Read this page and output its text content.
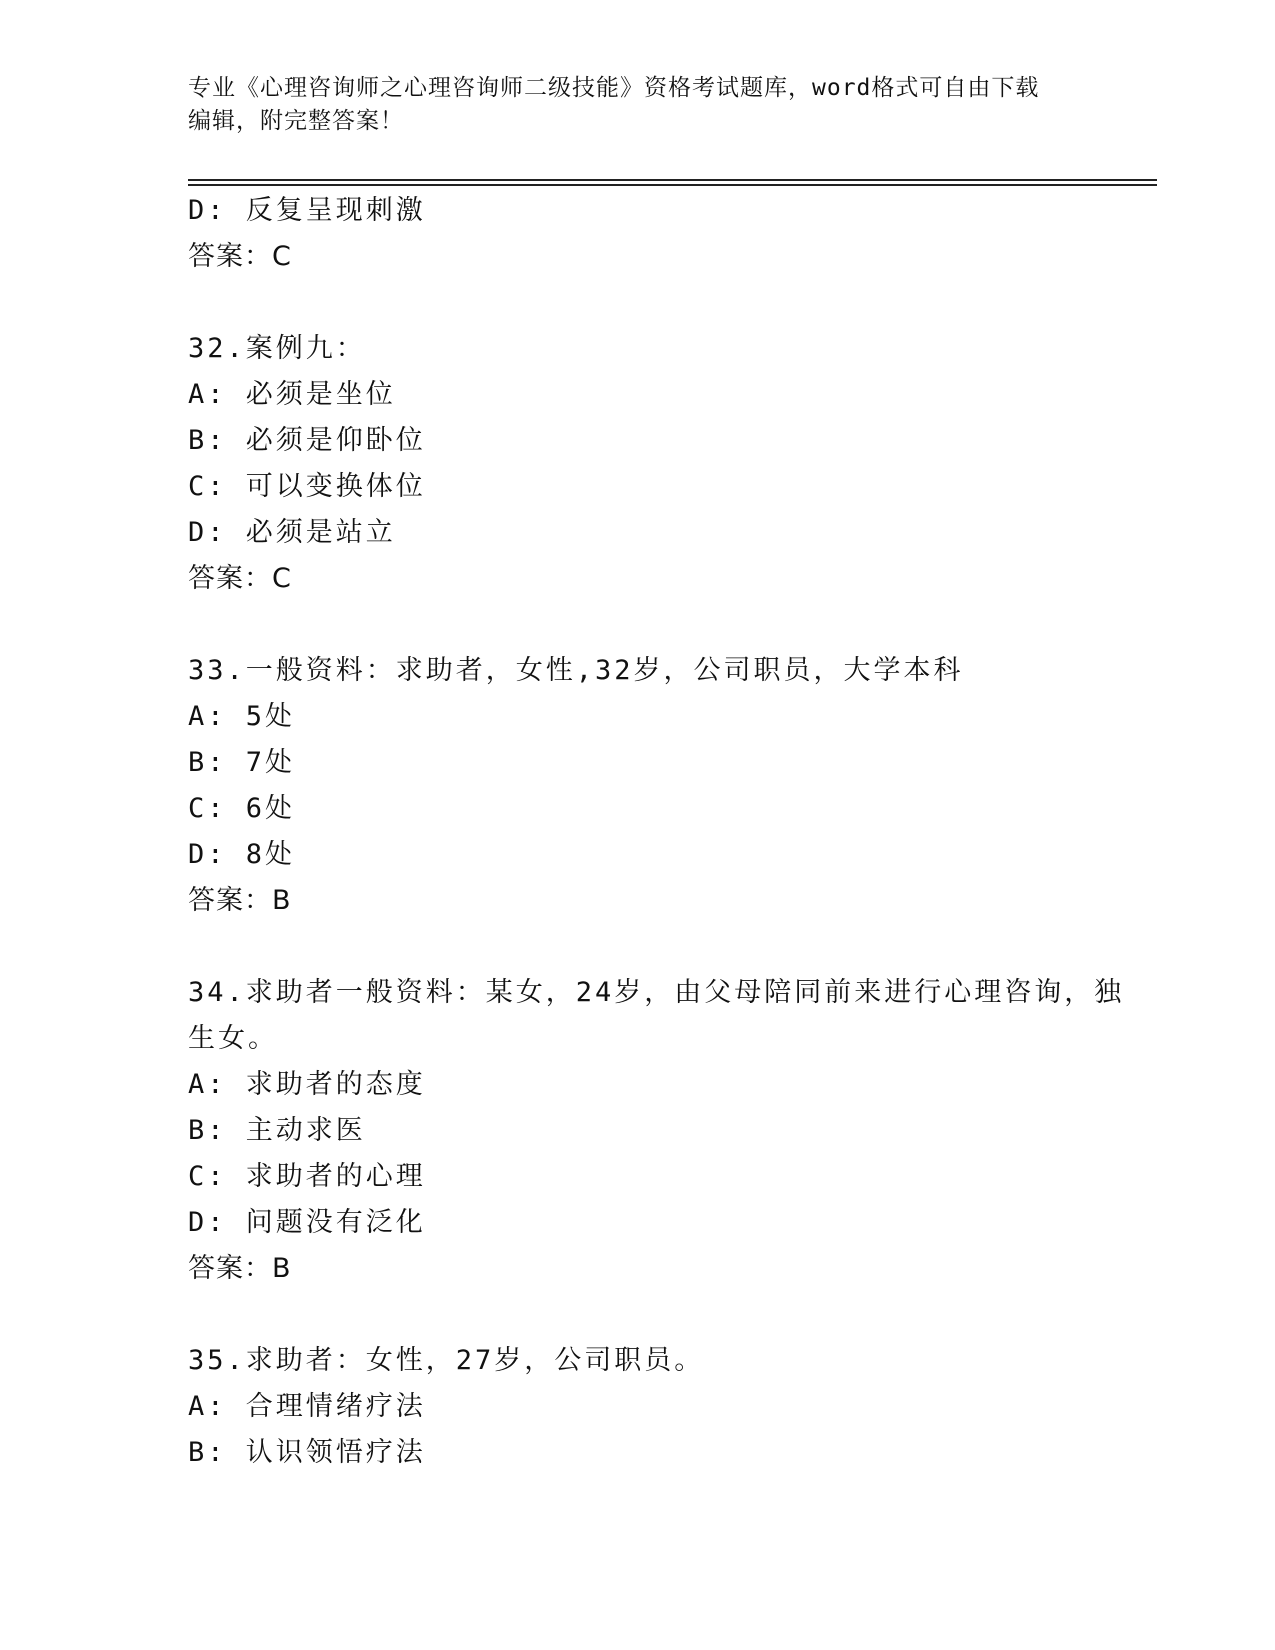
专业《心理咨询师之心理咨询师二级技能》资格考试题库，word格式可自由下载
编辑，附完整答案！
D: 反复呈现刺激
答案：C
32.案例九：
A: 必须是坐位
B: 必须是仰卧位
C: 可以变换体位
D: 必须是站立
答案：C
33.一般资料：求助者，女性,32岁，公司职员，大学本科
A: 5处
B: 7处
C: 6处
D: 8处
答案：B
34.求助者一般资料：某女，24岁，由父母陪同前来进行心理咨询，独
生女。
A: 求助者的态度
B: 主动求医
C: 求助者的心理
D: 问题没有泛化
答案：B
35.求助者：女性，27岁，公司职员。
A: 合理情绪疗法
B: 认识领悟疗法
